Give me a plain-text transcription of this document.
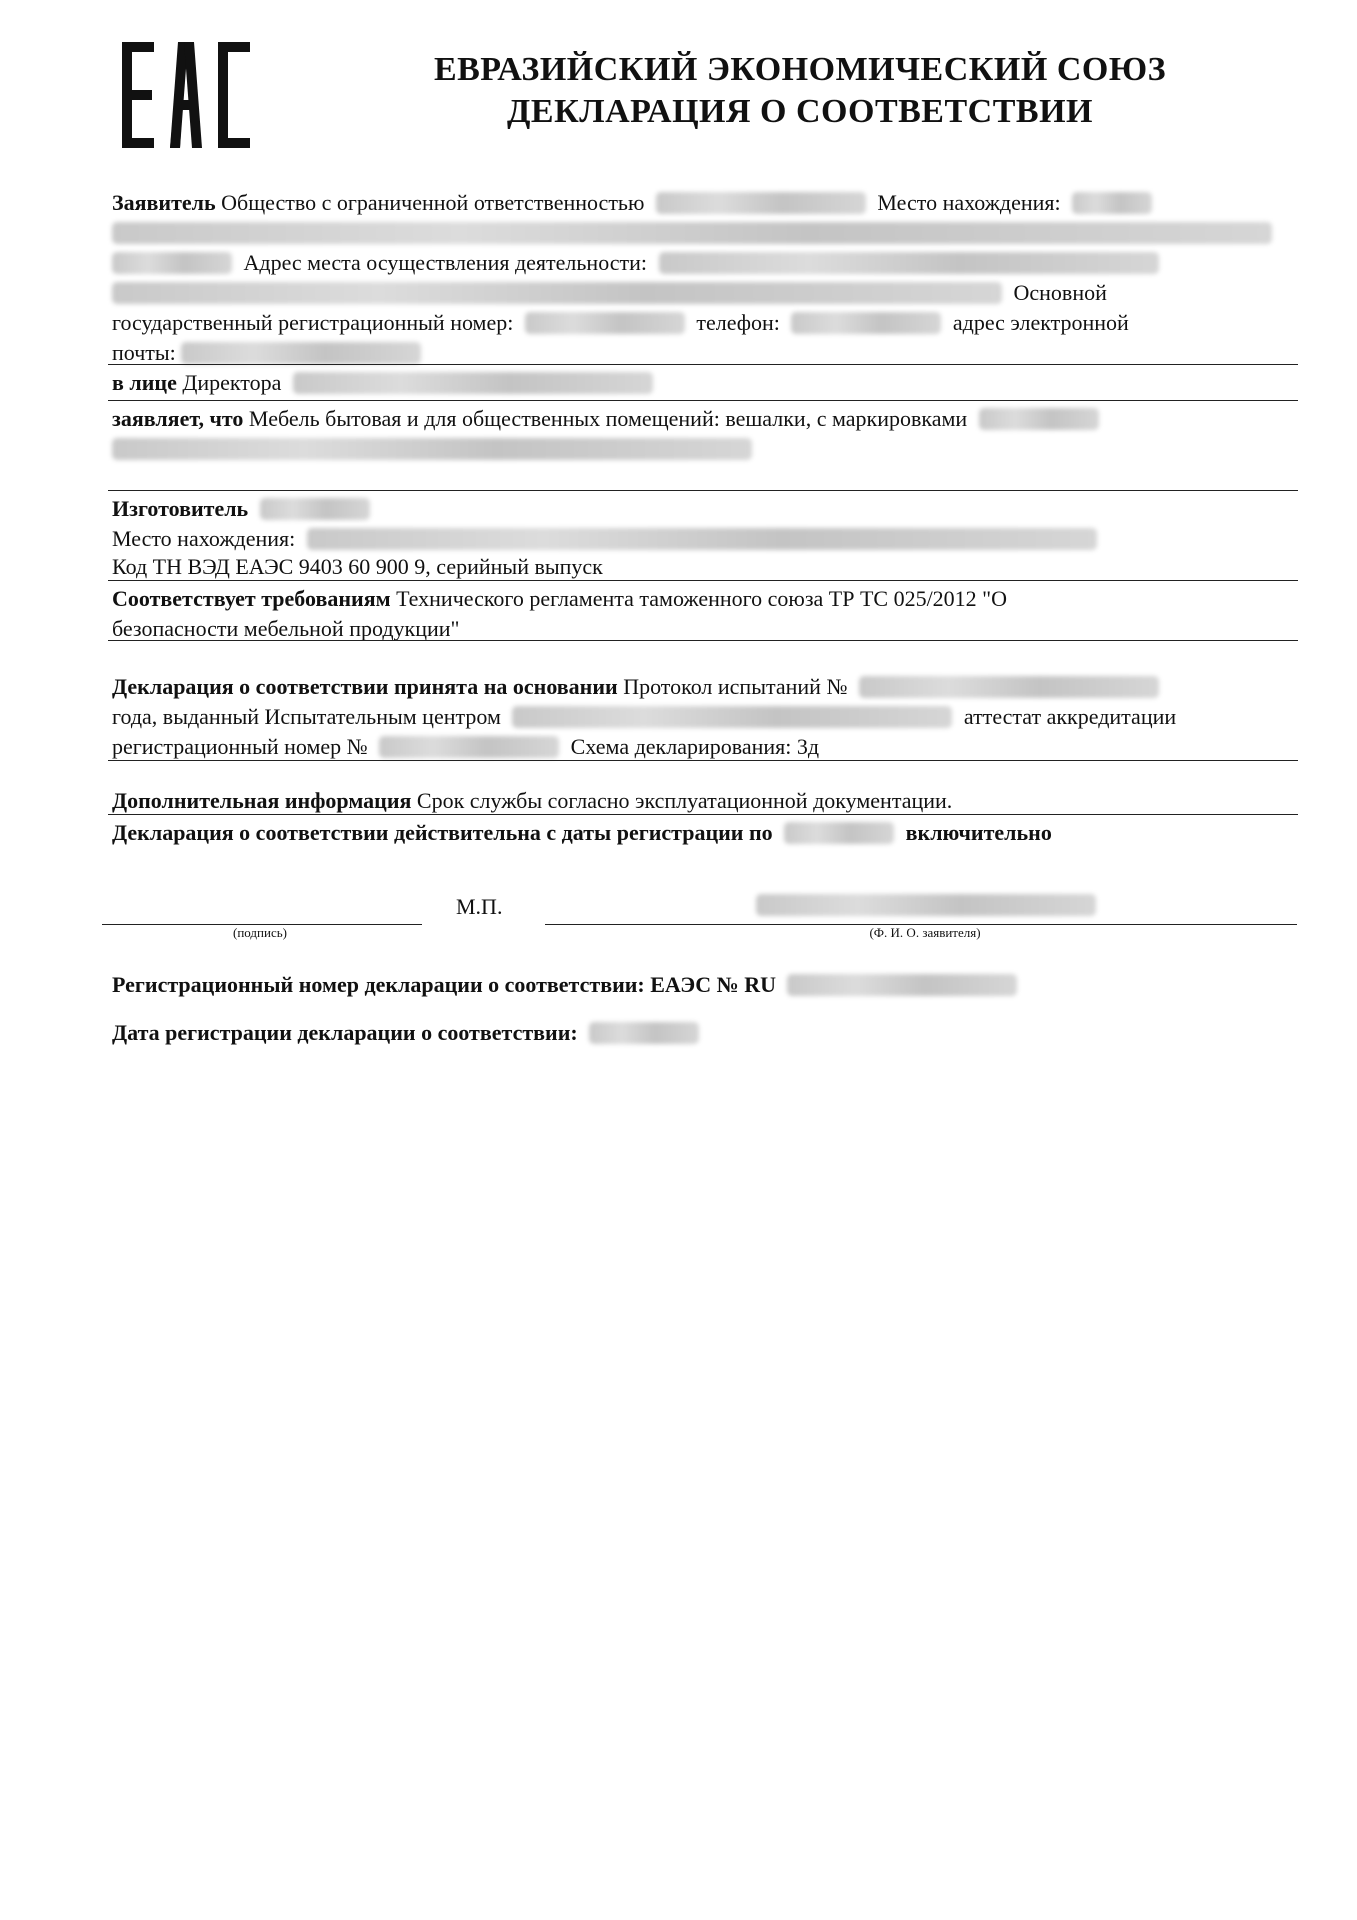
ЕВРАЗИЙСКИЙ ЭКОНОМИЧЕСКИЙ СОЮЗ
ДЕКЛАРАЦИЯ О СООТВЕТСТВИИ
Заявитель Общество с ограниченной ответственностью	Место нахождения:
Адрес места осуществления деятельности:
Основной
государственный регистрационный номер:	телефон:	адрес электронной
почты:
в лице Директора
заявляет, что Мебель бытовая и для общественных помещений: вешалки, с маркировками
Изготовитель
Место нахождения:
Код ТН ВЭД ЕАЭС 9403 60 900 9, серийный выпуск
Соответствует требованиям Технического регламента таможенного союза ТР ТС 025/2012 "О
безопасности мебельной продукции"
Декларация о соответствии принята на основании Протокол испытаний №
года, выданный Испытательным центром	аттестат аккредитации
регистрационный номер №	Схема декларирования: 3д
Дополнительная информация Срок службы согласно эксплуатационной документации.
Декларация о соответствии действительна с даты регистрации по	включительно
М.П.
(подпись)	(Ф. И. О. заявителя)
Регистрационный номер декларации о соответствии: ЕАЭС № RU
Дата регистрации декларации о соответствии:
